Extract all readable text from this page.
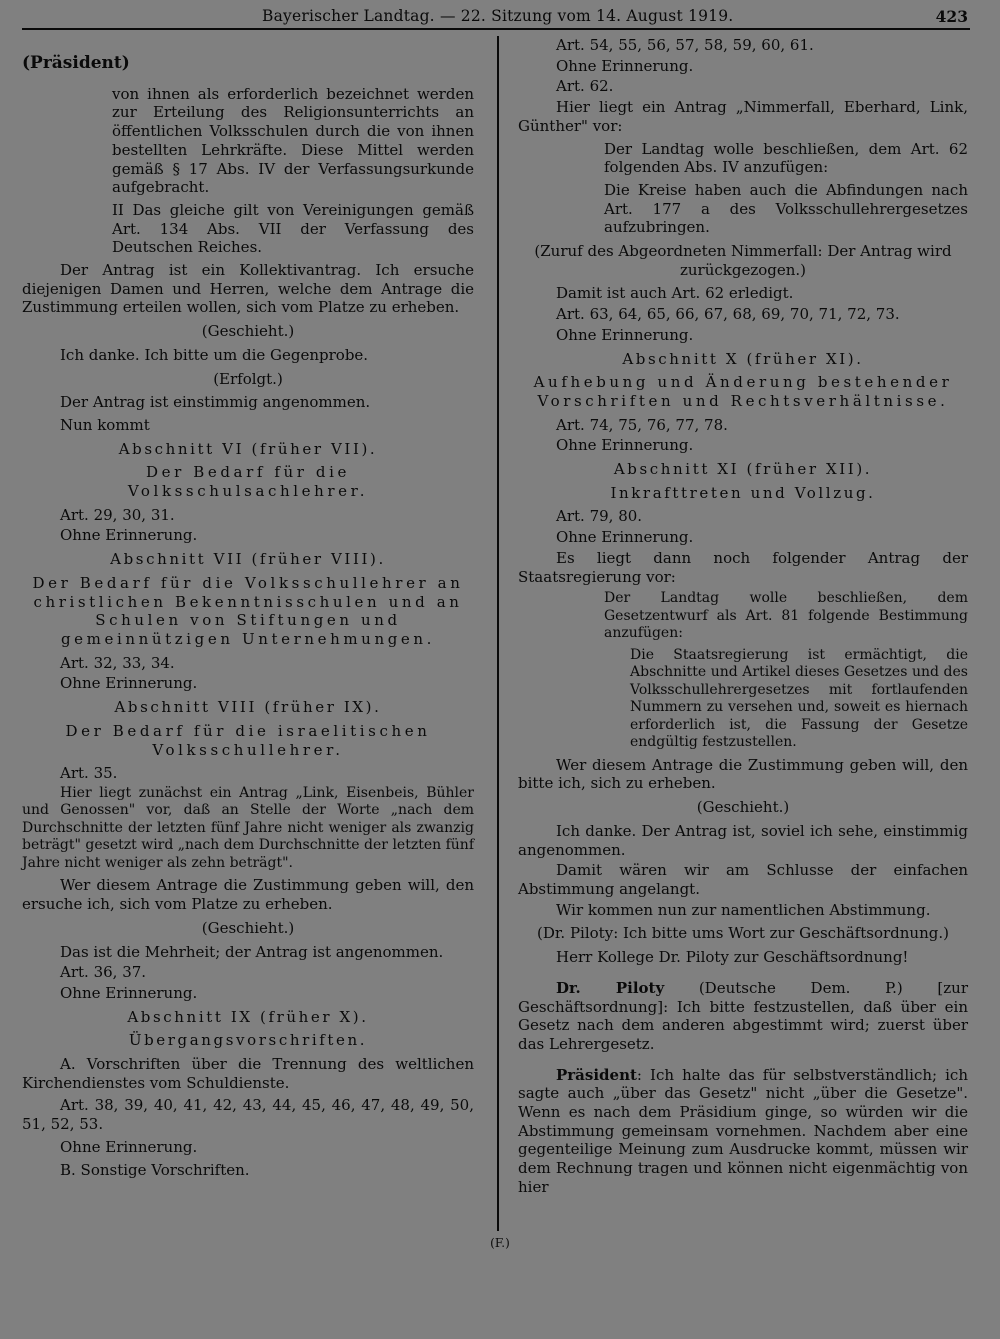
Bayerischer Landtag. — 22. Sitzung vom 14. August 1919.	423

(Präsident)

von ihnen als erforderlich bezeichnet werden zur Erteilung des Religionsunterrichts an öffentlichen Volksschulen durch die von ihnen bestellten Lehrkräfte. Diese Mittel werden gemäß § 17 Abs. IV der Verfassungsurkunde aufgebracht.

II Das gleiche gilt von Vereinigungen gemäß Art. 134 Abs. VII der Verfassung des Deutschen Reiches.

Der Antrag ist ein Kollektivantrag. Ich ersuche diejenigen Damen und Herren, welche dem Antrage die Zustimmung erteilen wollen, sich vom Platze zu erheben.

(Geschieht.)

Ich danke. Ich bitte um die Gegenprobe.

(Erfolgt.)

Der Antrag ist einstimmig angenommen.

Nun kommt

Abschnitt VI (früher VII).

Der Bedarf für die Volksschulsachlehrer.

Art. 29, 30, 31.

Ohne Erinnerung.

Abschnitt VII (früher VIII).

Der Bedarf für die Volksschullehrer an christlichen Bekenntnisschulen und an Schulen von Stiftungen und gemeinnützigen Unternehmungen.

Art. 32, 33, 34.

Ohne Erinnerung.

Abschnitt VIII (früher IX).

Der Bedarf für die israelitischen Volksschullehrer.

Art. 35.

Hier liegt zunächst ein Antrag „Link, Eisenbeis, Bühler und Genossen" vor, daß an Stelle der Worte „nach dem Durchschnitte der letzten fünf Jahre nicht weniger als zwanzig beträgt" gesetzt wird „nach dem Durchschnitte der letzten fünf Jahre nicht weniger als zehn beträgt".

Wer diesem Antrage die Zustimmung geben will, den ersuche ich, sich vom Platze zu erheben.

(Geschieht.)

Das ist die Mehrheit; der Antrag ist angenommen.

Art. 36, 37.

Ohne Erinnerung.

Abschnitt IX (früher X).

Übergangsvorschriften.

A. Vorschriften über die Trennung des weltlichen Kirchendienstes vom Schuldienste.

Art. 38, 39, 40, 41, 42, 43, 44, 45, 46, 47, 48, 49, 50, 51, 52, 53.

Ohne Erinnerung.

B. Sonstige Vorschriften.

Art. 54, 55, 56, 57, 58, 59, 60, 61.

Ohne Erinnerung.

Art. 62.

Hier liegt ein Antrag „Nimmerfall, Eberhard, Link, Günther" vor:

Der Landtag wolle beschließen, dem Art. 62 folgenden Abs. IV anzufügen:

Die Kreise haben auch die Abfindungen nach Art. 177 a des Volksschullehrergesetzes aufzubringen.

(Zuruf des Abgeordneten Nimmerfall: Der Antrag wird zurückgezogen.)

Damit ist auch Art. 62 erledigt.

Art. 63, 64, 65, 66, 67, 68, 69, 70, 71, 72, 73.

Ohne Erinnerung.

Abschnitt X (früher XI).

Aufhebung und Änderung bestehender Vorschriften und Rechtsverhältnisse.

Art. 74, 75, 76, 77, 78.

Ohne Erinnerung.

Abschnitt XI (früher XII).

Inkrafttreten und Vollzug.

Art. 79, 80.

Ohne Erinnerung.

Es liegt dann noch folgender Antrag der Staatsregierung vor:

Der Landtag wolle beschließen, dem Gesetzentwurf als Art. 81 folgende Bestimmung anzufügen:

Die Staatsregierung ist ermächtigt, die Abschnitte und Artikel dieses Gesetzes und des Volksschullehrergesetzes mit fortlaufenden Nummern zu versehen und, soweit es hiernach erforderlich ist, die Fassung der Gesetze endgültig festzustellen.

Wer diesem Antrage die Zustimmung geben will, den bitte ich, sich zu erheben.

(Geschieht.)

Ich danke. Der Antrag ist, soviel ich sehe, einstimmig angenommen.

Damit wären wir am Schlusse der einfachen Abstimmung angelangt.

Wir kommen nun zur namentlichen Abstimmung.

(Dr. Piloty: Ich bitte ums Wort zur Geschäftsordnung.)

Herr Kollege Dr. Piloty zur Geschäftsordnung!

Dr. Piloty (Deutsche Dem. P.) [zur Geschäftsordnung]: Ich bitte festzustellen, daß über ein Gesetz nach dem anderen abgestimmt wird; zuerst über das Lehrergesetz.

Präsident: Ich halte das für selbstverständlich; ich sagte auch „über das Gesetz" nicht „über die Gesetze". Wenn es nach dem Präsidium ginge, so würden wir die Abstimmung gemeinsam vornehmen. Nachdem aber eine gegenteilige Meinung zum Ausdrucke kommt, müssen wir dem Rechnung tragen und können nicht eigenmächtig von hier

(F.)
